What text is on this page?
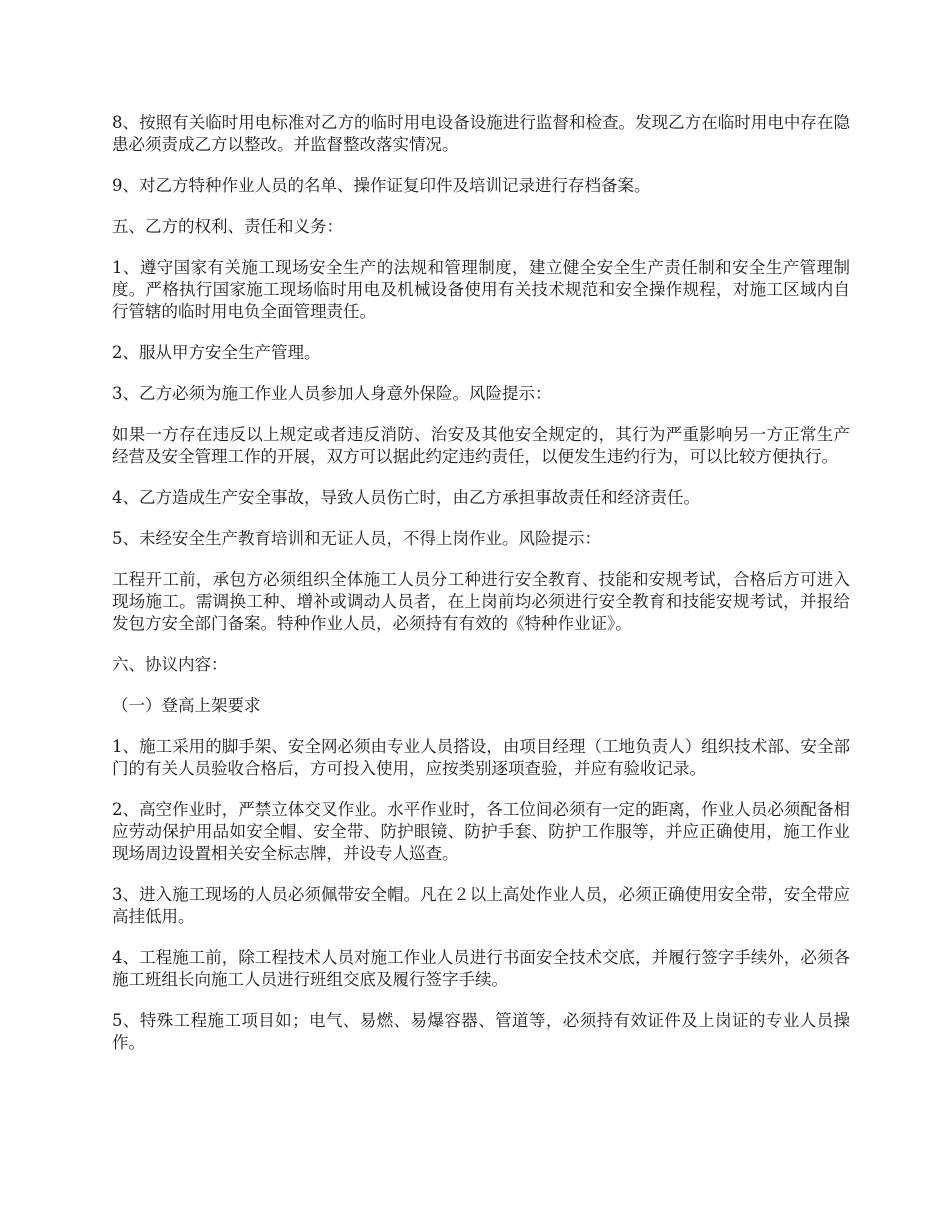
8、按照有关临时用电标准对乙方的临时用电设备设施进行监督和检查。发现乙方在临时用电中存在隐患必须责成乙方以整改。并监督整改落实情况。

9、对乙方特种作业人员的名单、操作证复印件及培训记录进行存档备案。

五、乙方的权利、责任和义务：

1、遵守国家有关施工现场安全生产的法规和管理制度，建立健全安全生产责任制和安全生产管理制度。严格执行国家施工现场临时用电及机械设备使用有关技术规范和安全操作规程，对施工区域内自行管辖的临时用电负全面管理责任。

2、服从甲方安全生产管理。

3、乙方必须为施工作业人员参加人身意外保险。风险提示：

如果一方存在违反以上规定或者违反消防、治安及其他安全规定的，其行为严重影响另一方正常生产经营及安全管理工作的开展，双方可以据此约定违约责任，以便发生违约行为，可以比较方便执行。

4、乙方造成生产安全事故，导致人员伤亡时，由乙方承担事故责任和经济责任。

5、未经安全生产教育培训和无证人员，不得上岗作业。风险提示：

工程开工前，承包方必须组织全体施工人员分工种进行安全教育、技能和安规考试，合格后方可进入现场施工。需调换工种、增补或调动人员者，在上岗前均必须进行安全教育和技能安规考试，并报给发包方安全部门备案。特种作业人员，必须持有有效的《特种作业证》。

六、协议内容：

（一）登高上架要求

1、施工采用的脚手架、安全网必须由专业人员搭设，由项目经理（工地负责人）组织技术部、安全部门的有关人员验收合格后，方可投入使用，应按类别逐项查验，并应有验收记录。

2、高空作业时，严禁立体交叉作业。水平作业时，各工位间必须有一定的距离，作业人员必须配备相应劳动保护用品如安全帽、安全带、防护眼镜、防护手套、防护工作服等，并应正确使用，施工作业现场周边设置相关安全标志牌，并设专人巡查。

3、进入施工现场的人员必须佩带安全帽。凡在２以上高处作业人员，必须正确使用安全带，安全带应高挂低用。

4、工程施工前，除工程技术人员对施工作业人员进行书面安全技术交底，并履行签字手续外，必须各施工班组长向施工人员进行班组交底及履行签字手续。

5、特殊工程施工项目如；电气、易燃、易爆容器、管道等，必须持有效证件及上岗证的专业人员操作。
